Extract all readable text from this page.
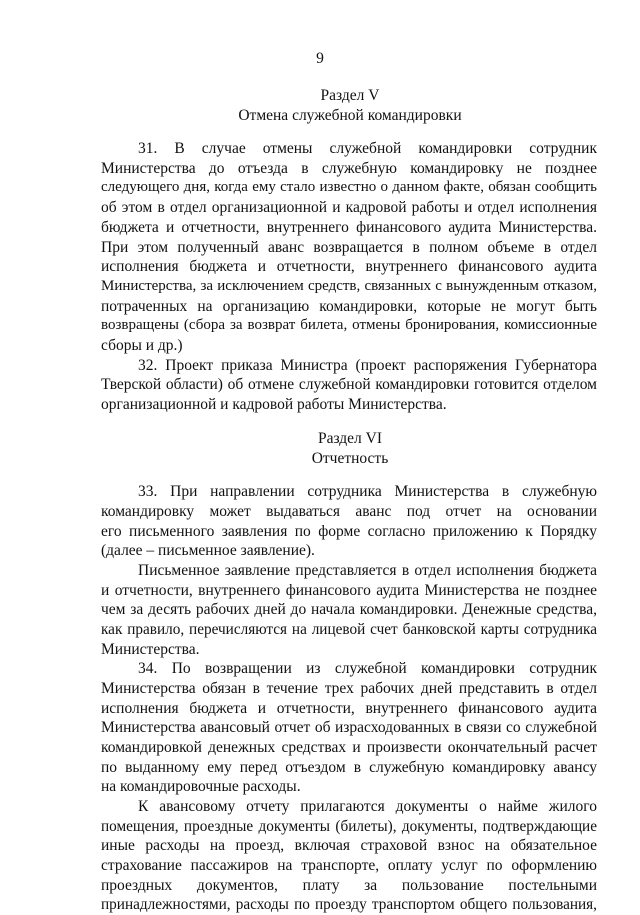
9
Раздел V
Отмена служебной командировки
31. В случае отмены служебной командировки сотрудник
Министерства до отъезда в служебную командировку не позднее
следующего дня, когда ему стало известно о данном факте, обязан сообщить
об этом в отдел организационной и кадровой работы и отдел исполнения
бюджета и отчетности, внутреннего финансового аудита Министерства.
При этом полученный аванс возвращается в полном объеме в отдел
исполнения бюджета и отчетности, внутреннего финансового аудита
Министерства, за исключением средств, связанных с вынужденным отказом,
потраченных на организацию командировки, которые не могут быть
возвращены (сбора за возврат билета, отмены бронирования, комиссионные
сборы и др.)
32. Проект приказа Министра (проект распоряжения Губернатора
Тверской области) об отмене служебной командировки готовится отделом
организационной и кадровой работы Министерства.
Раздел VI
Отчетность
33. При направлении сотрудника Министерства в служебную
командировку может выдаваться аванс под отчет на основании
его письменного заявления по форме согласно приложению к Порядку
(далее – письменное заявление).
Письменное заявление представляется в отдел исполнения бюджета
и отчетности, внутреннего финансового аудита Министерства не позднее
чем за десять рабочих дней до начала командировки. Денежные средства,
как правило, перечисляются на лицевой счет банковской карты сотрудника
Министерства.
34. По возвращении из служебной командировки сотрудник
Министерства обязан в течение трех рабочих дней представить в отдел
исполнения бюджета и отчетности, внутреннего финансового аудита
Министерства авансовый отчет об израсходованных в связи со служебной
командировкой денежных средствах и произвести окончательный расчет
по выданному ему перед отъездом в служебную командировку авансу
на командировочные расходы.
К авансовому отчету прилагаются документы о найме жилого
помещения, проездные документы (билеты), документы, подтверждающие
иные расходы на проезд, включая страховой взнос на обязательное
страхование пассажиров на транспорте, оплату услуг по оформлению
проездных документов, плату за пользование постельными
принадлежностями, расходы по проезду транспортом общего пользования,
